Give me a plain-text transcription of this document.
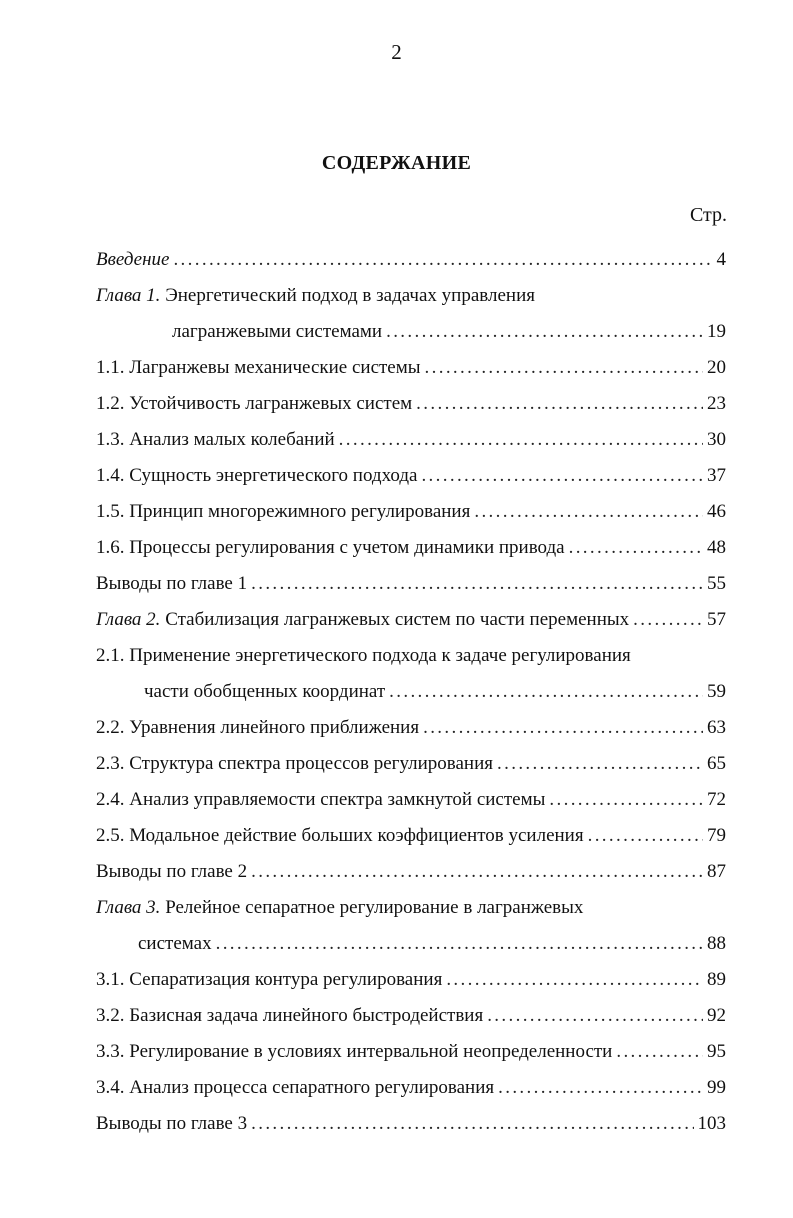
2
СОДЕРЖАНИЕ
Стр.
Введение . . .	4
Глава 1. Энергетический подход в задачах управления
лагранжевыми системами . . .	19
1.1. Лагранжевы механические системы . . .	20
1.2. Устойчивость лагранжевых систем . . .	23
1.3. Анализ малых колебаний . . .	30
1.4. Сущность энергетического подхода . . .	37
1.5. Принцип многорежимного регулирования . . .	46
1.6. Процессы регулирования с учетом динамики привода . . .	48
Выводы по главе 1 . . .	55
Глава 2. Стабилизация лагранжевых систем по части переменных . . .	57
2.1. Применение энергетического подхода к задаче регулирования
части обобщенных координат . . .	59
2.2. Уравнения линейного приближения . . .	63
2.3. Структура спектра процессов регулирования . . .	65
2.4. Анализ управляемости спектра замкнутой системы . . .	72
2.5. Модальное действие больших коэффициентов усиления . . .	79
Выводы по главе 2 . . .	87
Глава 3. Релейное сепаратное регулирование в лагранжевых
системах . . .	88
3.1. Сепаратизация контура регулирования . . .	89
3.2. Базисная задача линейного быстродействия . . .	92
3.3. Регулирование в условиях интервальной неопределенности . . .	95
3.4. Анализ процесса сепаратного регулирования . . .	99
Выводы по главе 3 . . .	103
